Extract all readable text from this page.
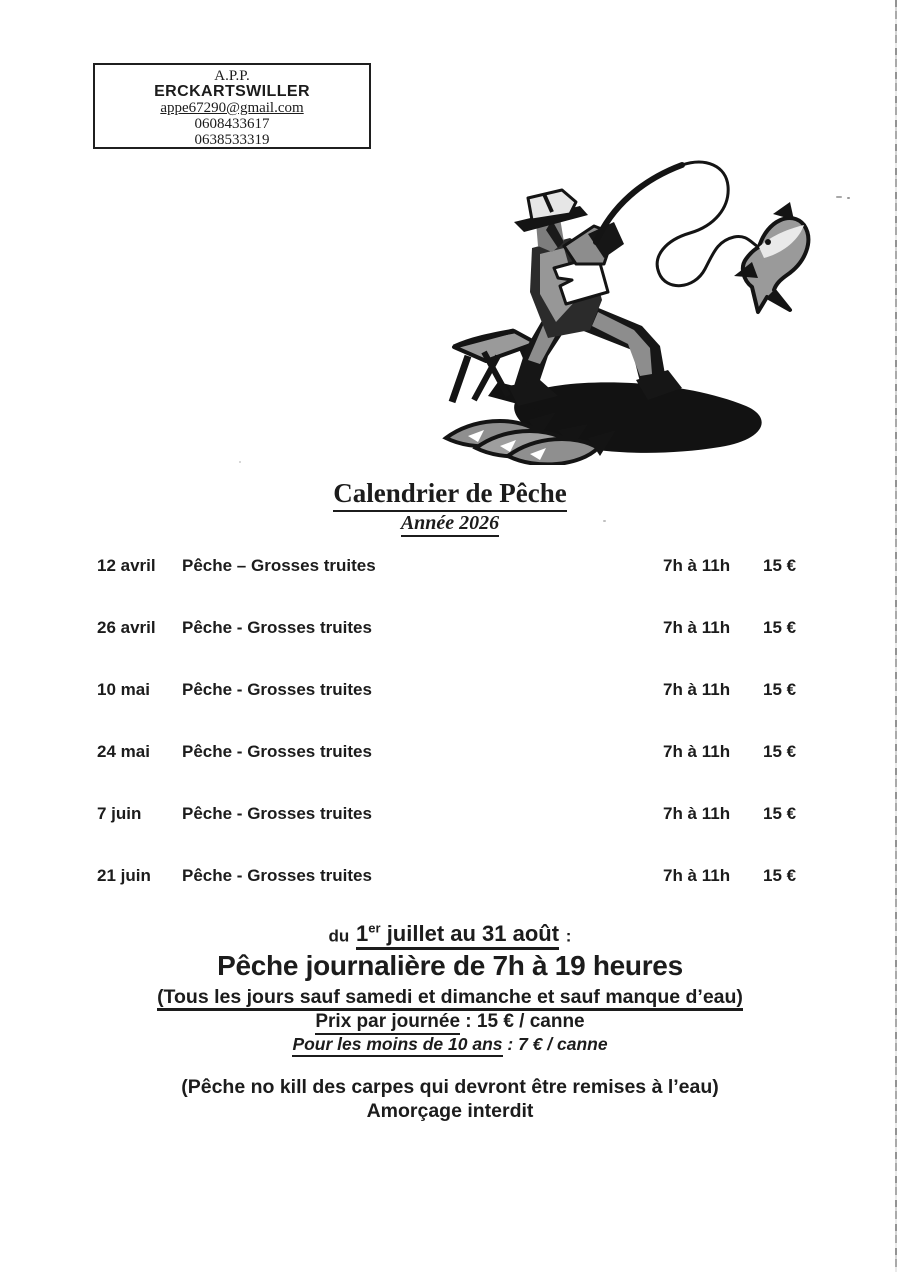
A.P.P.
ERCKARTSWILLER
appe67290@gmail.com
0608433617
0638533319
Calendrier de Pêche
Année 2026
12 avril Pêche – Grosses truites	7h à 11h 15 €
26 avril Pêche - Grosses truites	7h à 11h 15 €
10 mai Pêche - Grosses truites	7h à 11h 15 €
24 mai Pêche - Grosses truites	7h à 11h 15 €
7 juin Pêche - Grosses truites	7h à 11h 15 €
21 juin Pêche - Grosses truites	7h à 11h 15 €
du 1er juillet au 31 août :
Pêche journalière de 7h à 19 heures
(Tous les jours sauf samedi et dimanche et sauf manque d’eau)
Prix par journée : 15 € / canne
Pour les moins de 10 ans : 7 € / canne
(Pêche no kill des carpes qui devront être remises à l’eau)
Amorçage interdit
